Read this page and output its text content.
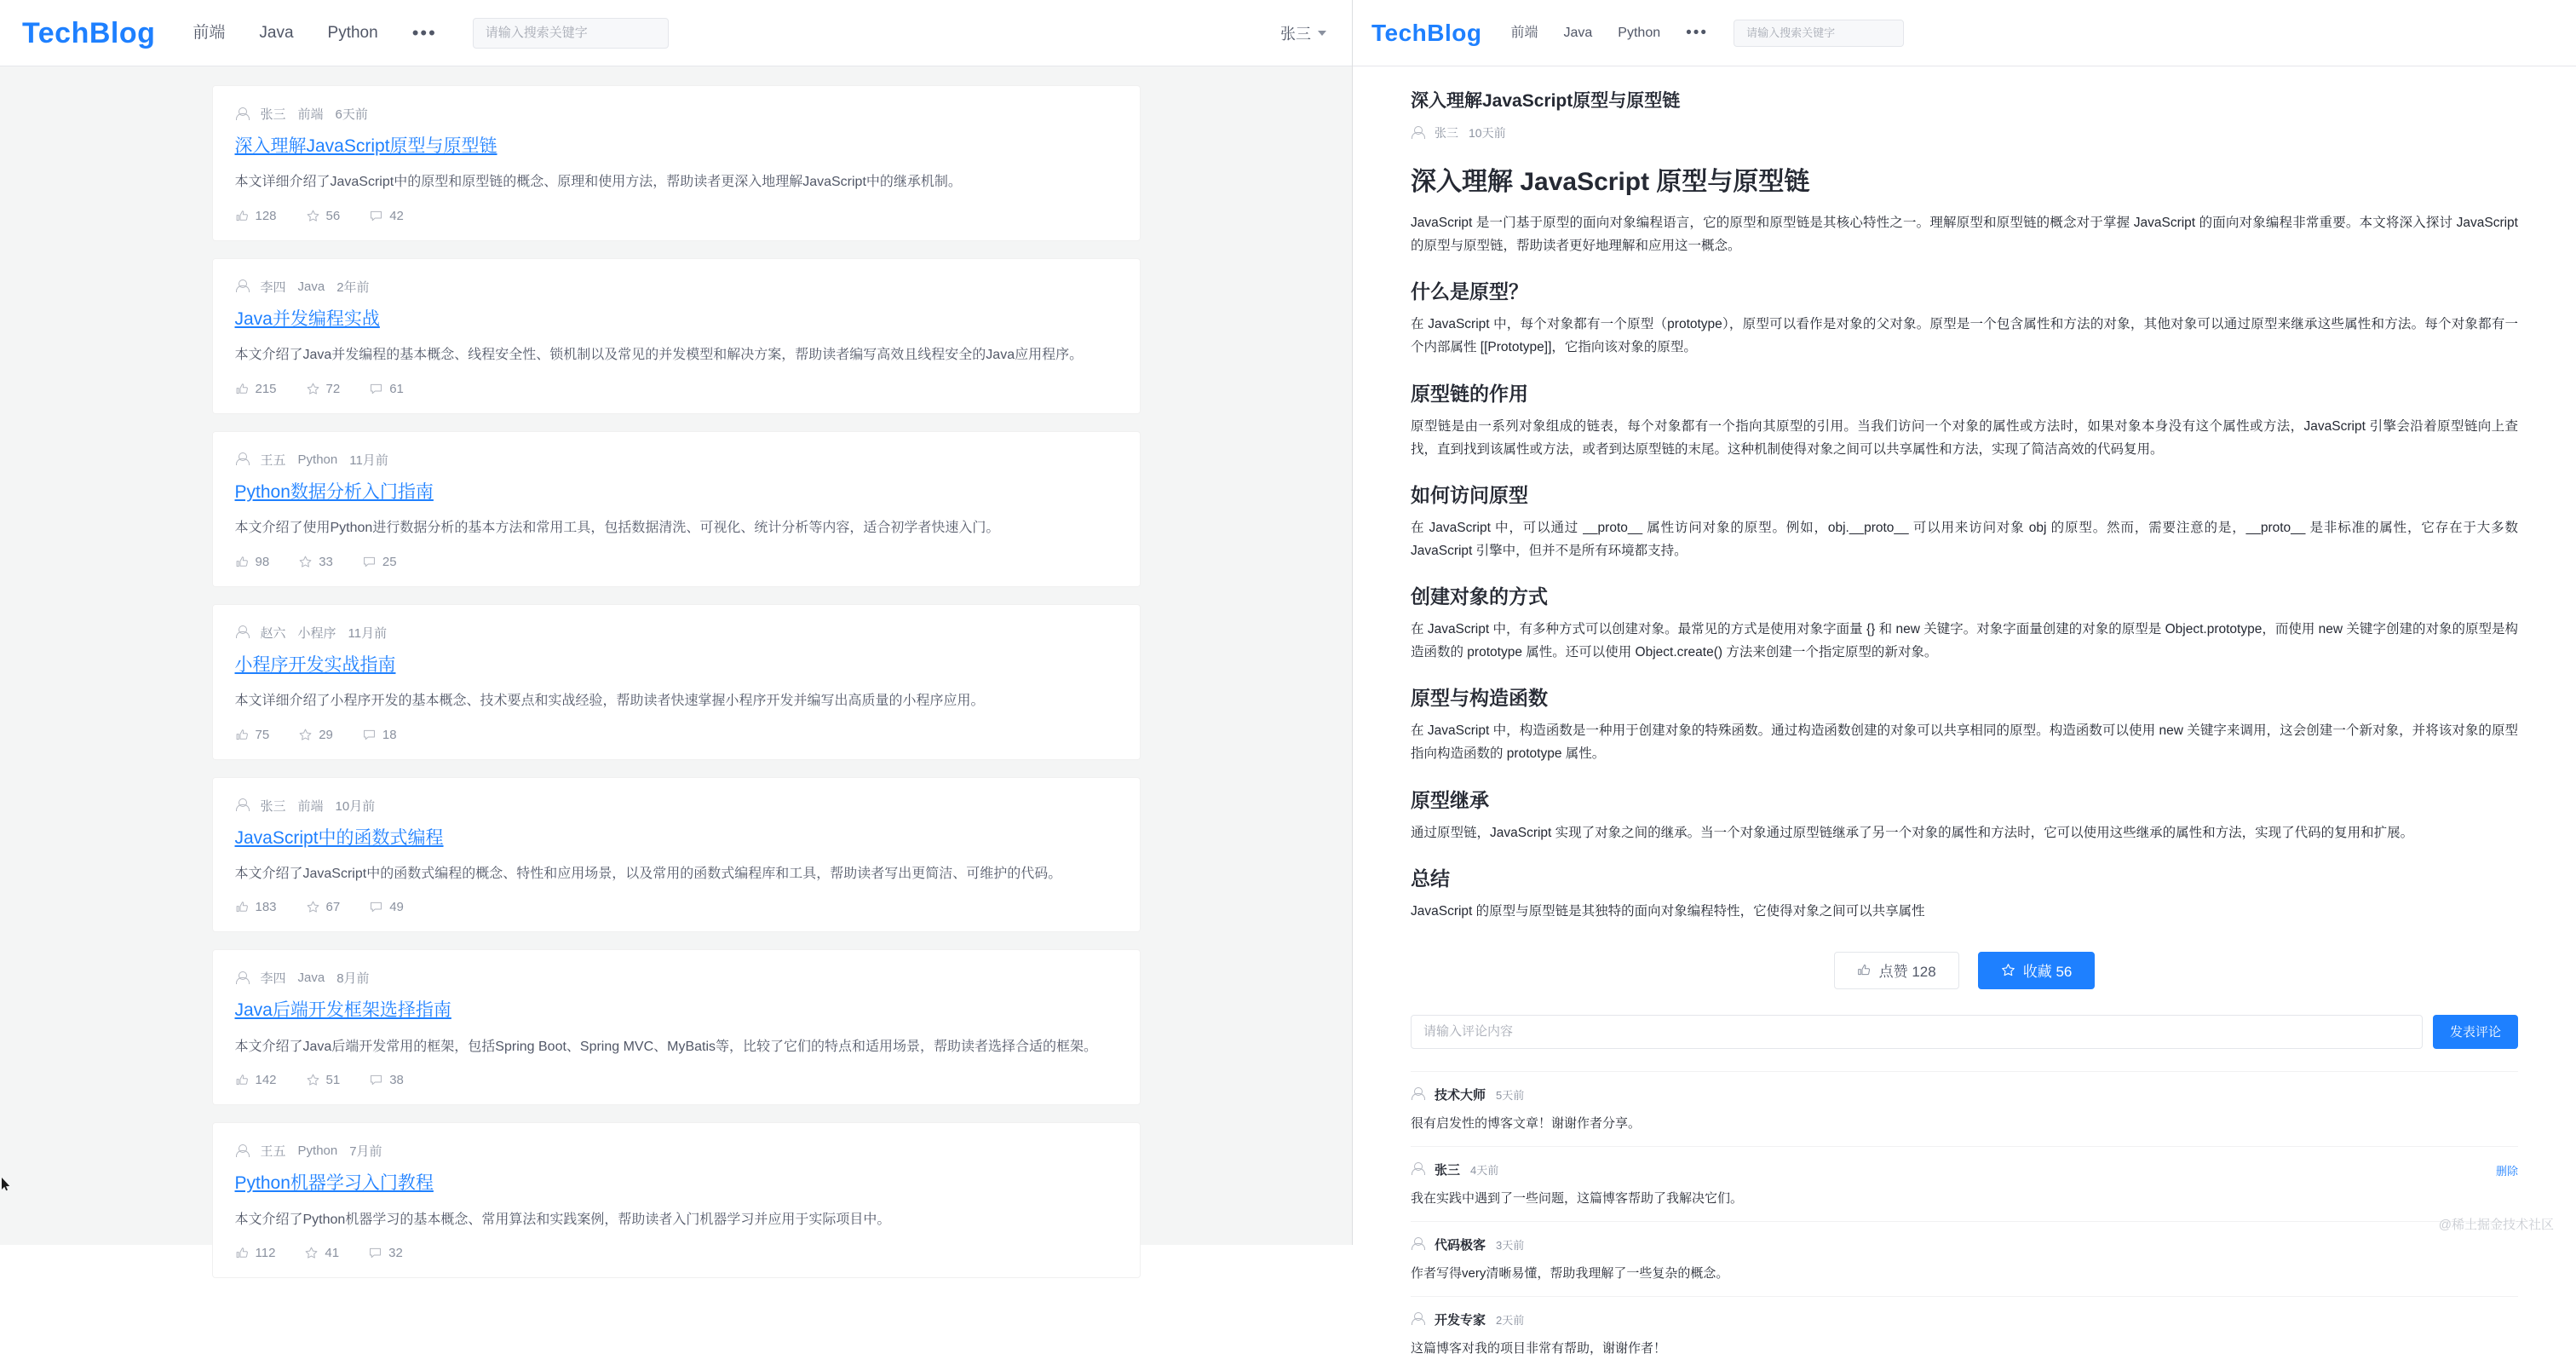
TechBlog 前端 Java Python •••
请输入搜索关键字	张三
张三 前端 6天前
深入理解JavaScript原型与原型链
本文详细介绍了JavaScript中的原型和原型链的概念、原理和使用方法，帮助读者更深入地理解JavaScript中的继承机制。
128	56	42
李四 Java 2年前
Java并发编程实战
本文介绍了Java并发编程的基本概念、线程安全性、锁机制以及常见的并发模型和解决方案，帮助读者编写高效且线程安全的Java应用程序。
215	72	61
王五 Python 11月前
Python数据分析入门指南
本文介绍了使用Python进行数据分析的基本方法和常用工具，包括数据清洗、可视化、统计分析等内容，适合初学者快速入门。
98	33	25
赵六 小程序 11月前
小程序开发实战指南
本文详细介绍了小程序开发的基本概念、技术要点和实战经验，帮助读者快速掌握小程序开发并编写出高质量的小程序应用。
75	29	18
张三 前端 10月前
JavaScript中的函数式编程
本文介绍了JavaScript中的函数式编程的概念、特性和应用场景，以及常用的函数式编程库和工具，帮助读者写出更简洁、可维护的代码。
183	67	49
李四 Java 8月前
Java后端开发框架选择指南
本文介绍了Java后端开发常用的框架，包括Spring Boot、Spring MVC、MyBatis等，比较了它们的特点和适用场景，帮助读者选择合适的框架。
142	51	38
王五 Python 7月前
Python机器学习入门教程
本文介绍了Python机器学习的基本概念、常用算法和实践案例，帮助读者入门机器学习并应用于实际项目中。
112	41	32
TechBlog 前端 Java Python •••
请输入搜索关键字
深入理解JavaScript原型与原型链
张三 10天前
深入理解 JavaScript 原型与原型链

JavaScript 是一门基于原型的面向对象编程语言，它的原型和原型链是其核心特性之一。理解原型和原型链的概念对于掌握 JavaScript 的面向对象编程非常重要。本文将深入探讨 JavaScript 的原型与原型链，帮助读者更好地理解和应用这一概念。

什么是原型？

在 JavaScript 中，每个对象都有一个原型（prototype），原型可以看作是对象的父对象。原型是一个包含属性和方法的对象，其他对象可以通过原型来继承这些属性和方法。每个对象都有一个内部属性 [[Prototype]]，它指向该对象的原型。

原型链的作用

原型链是由一系列对象组成的链表，每个对象都有一个指向其原型的引用。当我们访问一个对象的属性或方法时，如果对象本身没有这个属性或方法，JavaScript 引擎会沿着原型链向上查找，直到找到该属性或方法，或者到达原型链的末尾。这种机制使得对象之间可以共享属性和方法，实现了简洁高效的代码复用。

如何访问原型

在 JavaScript 中，可以通过 __proto__ 属性访问对象的原型。例如，obj.__proto__ 可以用来访问对象 obj 的原型。然而，需要注意的是，__proto__ 是非标准的属性，它存在于大多数 JavaScript 引擎中，但并不是所有环境都支持。

创建对象的方式

在 JavaScript 中，有多种方式可以创建对象。最常见的方式是使用对象字面量 {} 和 new 关键字。对象字面量创建的对象的原型是 Object.prototype，而使用 new 关键字创建的对象的原型是构造函数的 prototype 属性。还可以使用 Object.create() 方法来创建一个指定原型的新对象。

原型与构造函数

在 JavaScript 中，构造函数是一种用于创建对象的特殊函数。通过构造函数创建的对象可以共享相同的原型。构造函数可以使用 new 关键字来调用，这会创建一个新对象，并将该对象的原型指向构造函数的 prototype 属性。

原型继承

通过原型链，JavaScript 实现了对象之间的继承。当一个对象通过原型链继承了另一个对象的属性和方法时，它可以使用这些继承的属性和方法，实现了代码的复用和扩展。

总结

JavaScript 的原型与原型链是其独特的面向对象编程特性，它使得对象之间可以共享属性

点赞 128	收藏 56
请输入评论内容
发表评论
技术大师 5天前
很有启发性的博客文章！谢谢作者分享。
张三 4天前
我在实践中遇到了一些问题，这篇博客帮助了我解决它们。
删除
代码极客 3天前
作者写得very清晰易懂，帮助我理解了一些复杂的概念。
开发专家 2天前
这篇博客对我的项目非常有帮助，谢谢作者！
@稀土掘金技术社区
